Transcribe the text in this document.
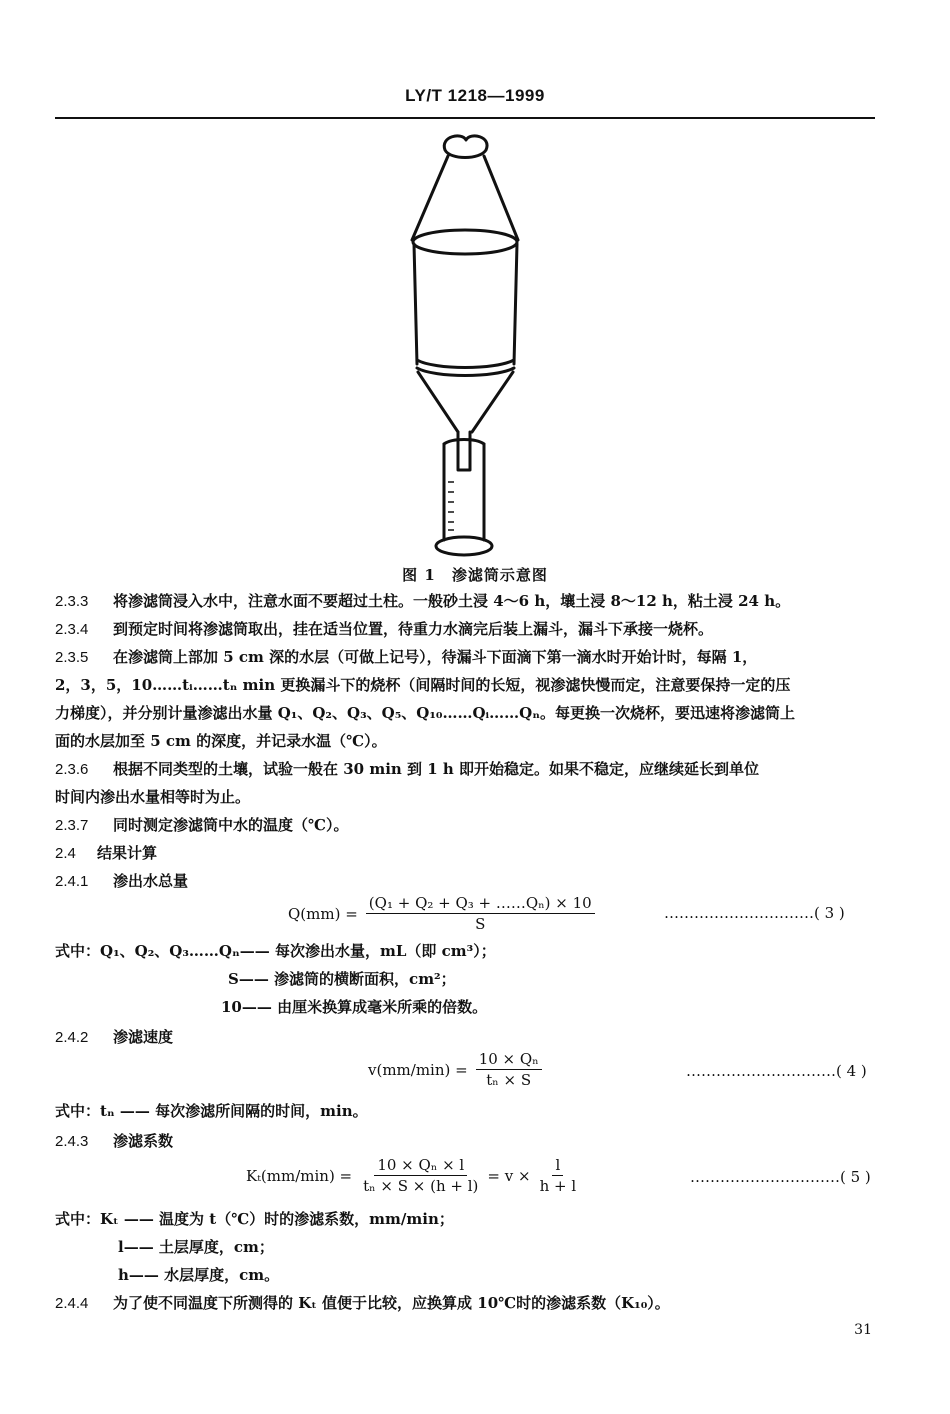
LY/T 1218—1999
图 1　渗滤筒示意图
2.3.3 将渗滤筒浸入水中，注意水面不要超过土柱。一般砂土浸 4～6 h，壤土浸 8～12 h，粘土浸 24 h。
2.3.4 到预定时间将渗滤筒取出，挂在适当位置，待重力水滴完后装上漏斗，漏斗下承接一烧杯。
2.3.5 在渗滤筒上部加 5 cm 深的水层（可做上记号），待漏斗下面滴下第一滴水时开始计时，每隔 1，
2，3，5，10……tᵢ……tₙ min 更换漏斗下的烧杯（间隔时间的长短，视渗滤快慢而定，注意要保持一定的压
力梯度），并分别计量渗滤出水量 Q₁、Q₂、Q₃、Q₅、Q₁₀……Qᵢ……Qₙ。每更换一次烧杯，要迅速将渗滤筒上
面的水层加至 5 cm 的深度，并记录水温（℃）。
2.3.6 根据不同类型的土壤，试验一般在 30 min 到 1 h 即开始稳定。如果不稳定，应继续延长到单位
时间内渗出水量相等时为止。
2.3.7 同时测定渗滤筒中水的温度（℃）。
2.4 结果计算
2.4.1 渗出水总量
$Q(mm) = \frac{\text{(Q₁ + Q₂ + Q₃ + ……Qₙ) × 10}}{S}$	…………………………( 3 )
式中：Q₁、Q₂、Q₃……Qₙ—— 每次渗出水量，mL（即 cm³）；
S—— 渗滤筒的横断面积，cm²；
10—— 由厘米换算成毫米所乘的倍数。
2.4.2 渗滤速度
$v(mm/\min) = \frac{\text{10 × Qₙ}}{\text{tₙ × S}}$	…………………………( 4 )
式中：tₙ —— 每次渗滤所间隔的时间，min。
2.4.3 渗滤系数
$K_t(mm/\min) = \frac{\text{10 × Qₙ × l}}{\text{tₙ × S × (h + l)}} = v \times \frac{l}{h + l}$	…………………………( 5 )
式中：Kₜ —— 温度为 t（℃）时的渗滤系数，mm/min；
l—— 土层厚度，cm；
h—— 水层厚度，cm。
2.4.4 为了使不同温度下所测得的 Kₜ 值便于比较，应换算成 10℃时的渗滤系数（K₁₀）。
31
